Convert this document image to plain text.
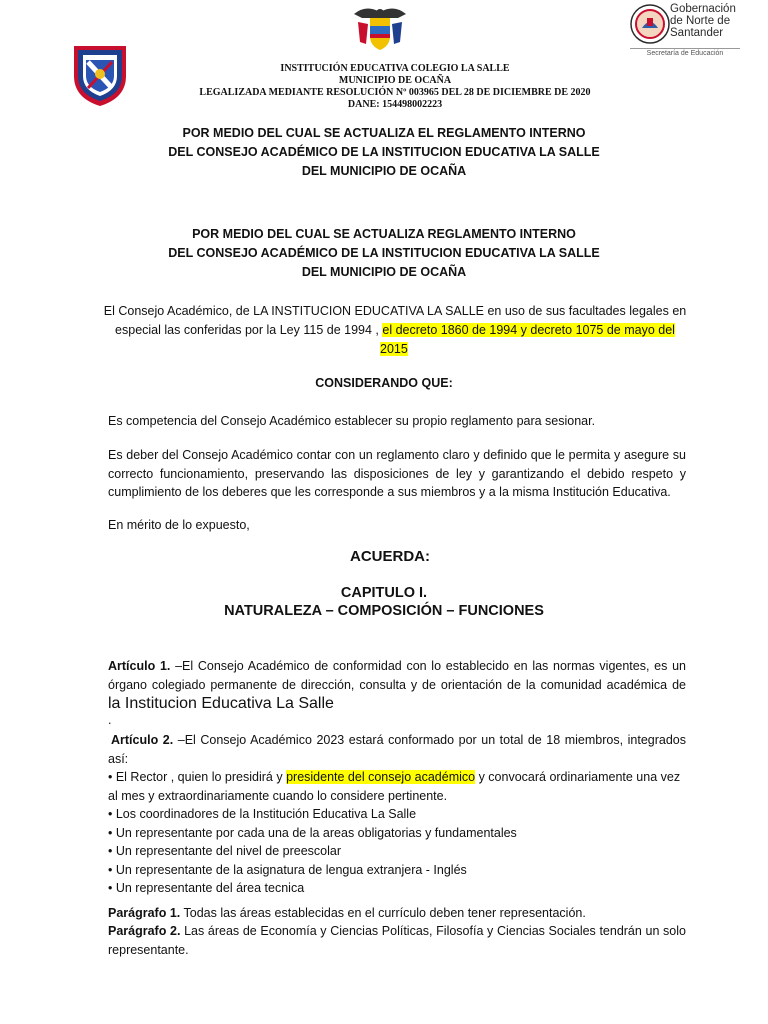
Gobernación
de Norte de
Santander
Secretaría de Educación
INSTITUCIÓN EDUCATIVA COLEGIO LA SALLE
MUNICIPIO DE OCAÑA
LEGALIZADA MEDIANTE RESOLUCIÓN Nº 003965 DEL 28 DE DICIEMBRE DE 2020
DANE: 154498002223
POR MEDIO DEL CUAL SE ACTUALIZA EL REGLAMENTO INTERNO
DEL CONSEJO ACADÉMICO DE LA INSTITUCION EDUCATIVA LA SALLE
DEL MUNICIPIO DE OCAÑA
POR MEDIO DEL CUAL SE ACTUALIZA REGLAMENTO INTERNO
DEL CONSEJO ACADÉMICO DE LA INSTITUCION EDUCATIVA LA SALLE
DEL MUNICIPIO DE OCAÑA
El Consejo Académico, de LA INSTITUCION EDUCATIVA LA SALLE en uso de sus facultades legales en
especial las conferidas por la Ley 115 de 1994 , el decreto 1860 de 1994 y decreto 1075 de mayo del
2015
CONSIDERANDO QUE:
Es competencia del Consejo Académico establecer su propio reglamento para sesionar.
Es deber del Consejo Académico contar con un reglamento claro y definido que le permita y asegure su
correcto funcionamiento, preservando las disposiciones de ley y garantizando el debido respeto y
cumplimiento de los deberes que les corresponde a sus miembros y a la misma Institución Educativa.
En mérito de lo expuesto,
ACUERDA:
CAPITULO I.
NATURALEZA – COMPOSICIÓN – FUNCIONES
Artículo 1. –El Consejo Académico de conformidad con lo establecido en las normas vigentes, es un
órgano colegiado permanente de dirección, consulta y de orientación de la comunidad académica de
la Institucion Educativa La Salle
.
Artículo 2. –El Consejo Académico 2023 estará conformado por un total de 18 miembros, integrados
así:
• El Rector , quien lo presidirá y presidente del consejo académico y convocará ordinariamente una vez
al mes y extraordinariamente cuando lo considere pertinente.
• Los coordinadores de la Institución Educativa La Salle
• Un representante por cada una de la areas obligatorias y fundamentales
• Un representante del nivel de preescolar
• Un representante de la asignatura de lengua extranjera - Inglés
• Un representante del área tecnica
Parágrafo 1. Todas las áreas establecidas en el currículo deben tener representación.
Parágrafo 2. Las áreas de Economía y Ciencias Políticas, Filosofía y Ciencias Sociales tendrán un solo
representante.
